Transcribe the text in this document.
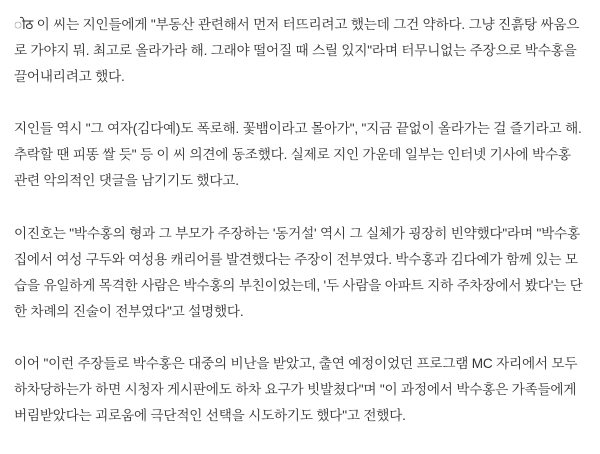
ोठ 이 씨는 지인들에게 "부동산 관련해서 먼저 터뜨리려고 했는데 그건 약하다. 그냥 진흙탕 싸움으로 가야지 뭐. 최고로 올라가라 해. 그래야 떨어질 때 스릴 있지"라며 터무니없는 주장으로 박수홍을 끌어내리려고 했다.

지인들 역시 "그 여자(김다예)도 폭로해. 꽃뱀이라고 몰아가", "지금 끝없이 올라가는 걸 즐기라고 해. 추락할 땐 피똥 쌀 듯" 등 이 씨 의견에 동조했다. 실제로 지인 가운데 일부는 인터넷 기사에 박수홍 관련 악의적인 댓글을 남기기도 했다고.

이진호는 "박수홍의 형과 그 부모가 주장하는 '동거설' 역시 그 실체가 굉장히 빈약했다"라며 "박수홍 집에서 여성 구두와 여성용 캐리어를 발견했다는 주장이 전부였다. 박수홍과 김다예가 함께 있는 모습을 유일하게 목격한 사람은 박수홍의 부친이었는데, '두 사람을 아파트 지하 주차장에서 봤다'는 단 한 차례의 진술이 전부였다"고 설명했다.

이어 "이런 주장들로 박수홍은 대중의 비난을 받았고, 출연 예정이었던 프로그램 MC 자리에서 모두 하차당하는가 하면 시청자 게시판에도 하차 요구가 빗발쳤다"며 "이 과정에서 박수홍은 가족들에게 버림받았다는 괴로움에 극단적인 선택을 시도하기도 했다"고 전했다.
